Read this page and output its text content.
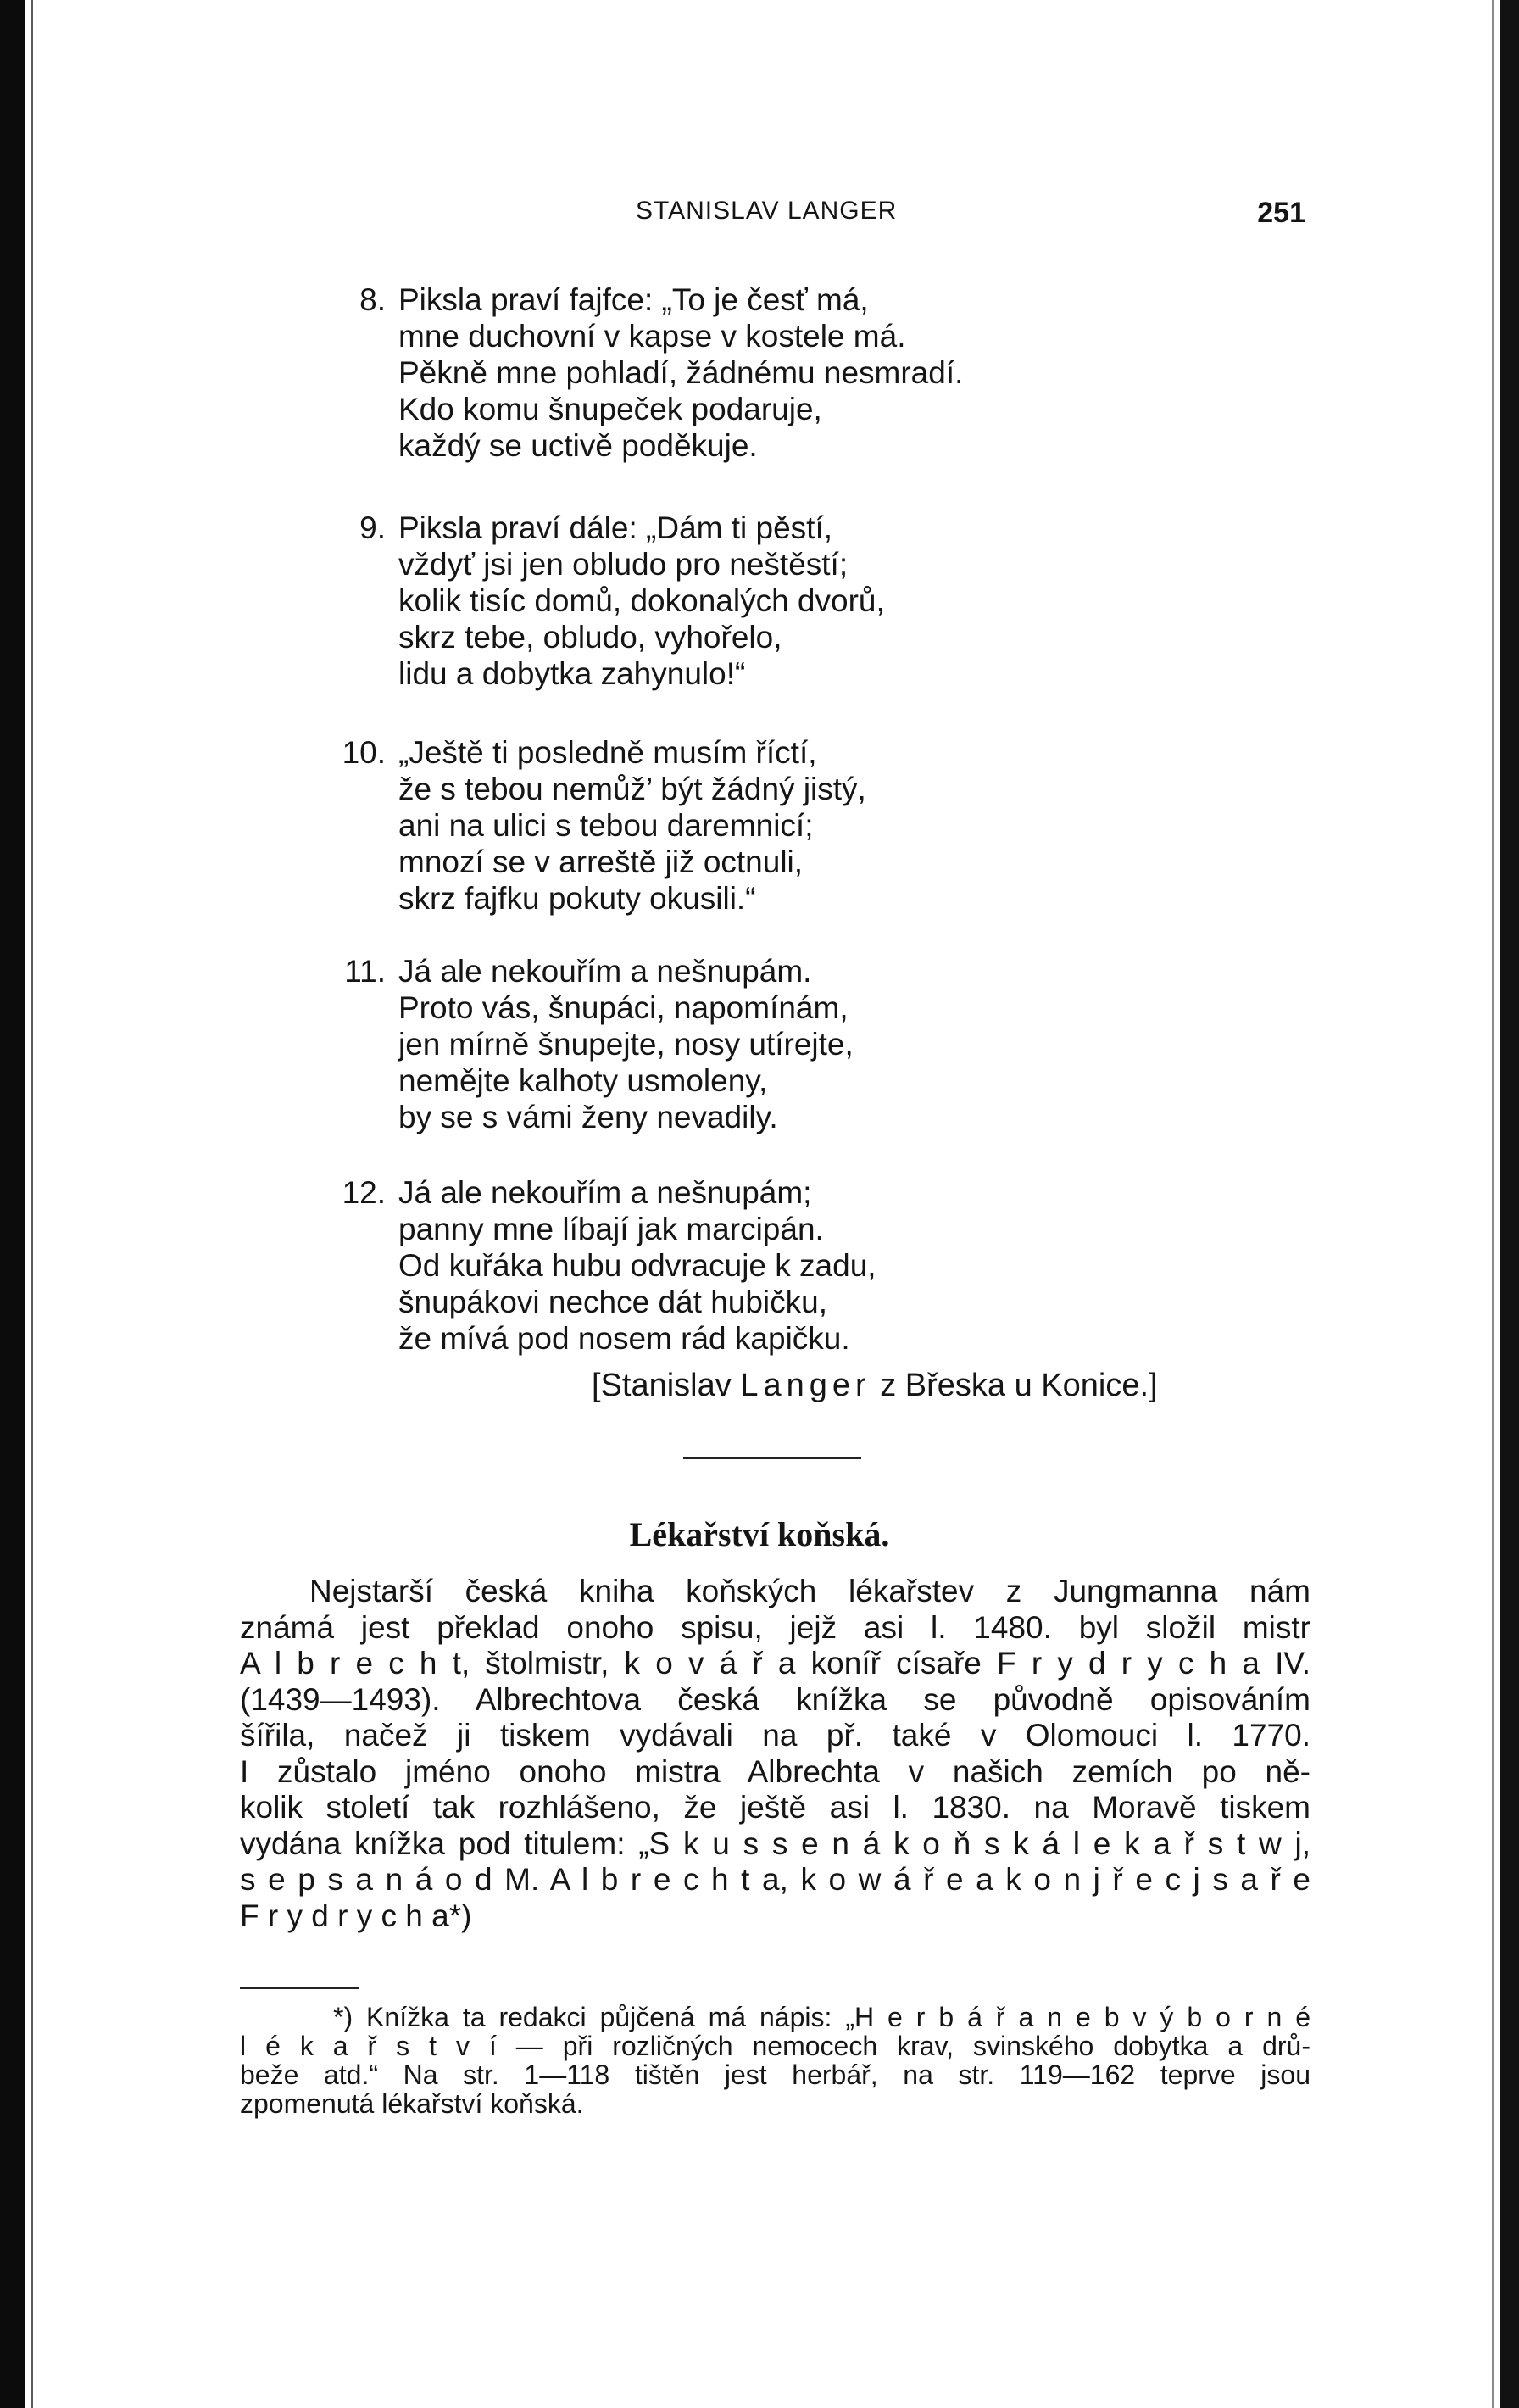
STANISLAV LANGER	251
8. Piksla praví fajfce: „To je česť má,
mne duchovní v kapse v kostele má.
Pěkně mne pohladí, žádnému nesmradí.
Kdo komu šnupeček podaruje,
každý se uctivě poděkuje.
9. Piksla praví dále: „Dám ti pěstí,
vždyť jsi jen obludo pro neštěstí;
kolik tisíc domů, dokonalých dvorů,
skrz tebe, obludo, vyhořelo,
lidu a dobytka zahynulo!“
10. „Ještě ti posledně musím říctí,
že s tebou nemůž’ být žádný jistý,
ani na ulici s tebou daremnicí;
mnozí se v arreště již octnuli,
skrz fajfku pokuty okusili.“
11. Já ale nekouřím a nešnupám.
Proto vás, šnupáci, napomínám,
jen mírně šnupejte, nosy utírejte,
nemějte kalhoty usmoleny,
by se s vámi ženy nevadily.
12. Já ale nekouřím a nešnupám;
panny mne líbají jak marcipán.
Od kuřáka hubu odvracuje k zadu,
šnupákovi nechce dát hubičku,
že mívá pod nosem rád kapičku.
[Stanislav Langer z Břeska u Konice.]
Lékařství koňská.
Nejstarší česká kniha koňských lékařstev z Jungmanna nám
známá jest překlad onoho spisu, jejž asi l. 1480. byl složil mistr
A l b r e c h t, štolmistr, k o v á ř a koníř císaře F r y d r y c h a IV.
(1439—1493). Albrechtova česká knížka se původně opisováním
šířila, načež ji tiskem vydávali na př. také v Olomouci l. 1770.
I zůstalo jméno onoho mistra Albrechta v našich zemích po ně-
kolik století tak rozhlášeno, že ještě asi l. 1830. na Moravě tiskem
vydána knížka pod titulem: „S k u s s e n á k o ň s k á l e k a ř s t w j,
s e p s a n á o d M. A l b r e c h t a, k o w á ř e a k o n j ř e c j s a ř e
F r y d r y c h a*)
*) Knížka ta redakci půjčená má nápis: „H e r b á ř a n e b v ý b o r n é
l é k a ř s t v í — při rozličných nemocech krav, svinského dobytka a drů-
beže atd.“ Na str. 1—118 tištěn jest herbář, na str. 119—162 teprve jsou
zpomenutá lékařství koňská.
